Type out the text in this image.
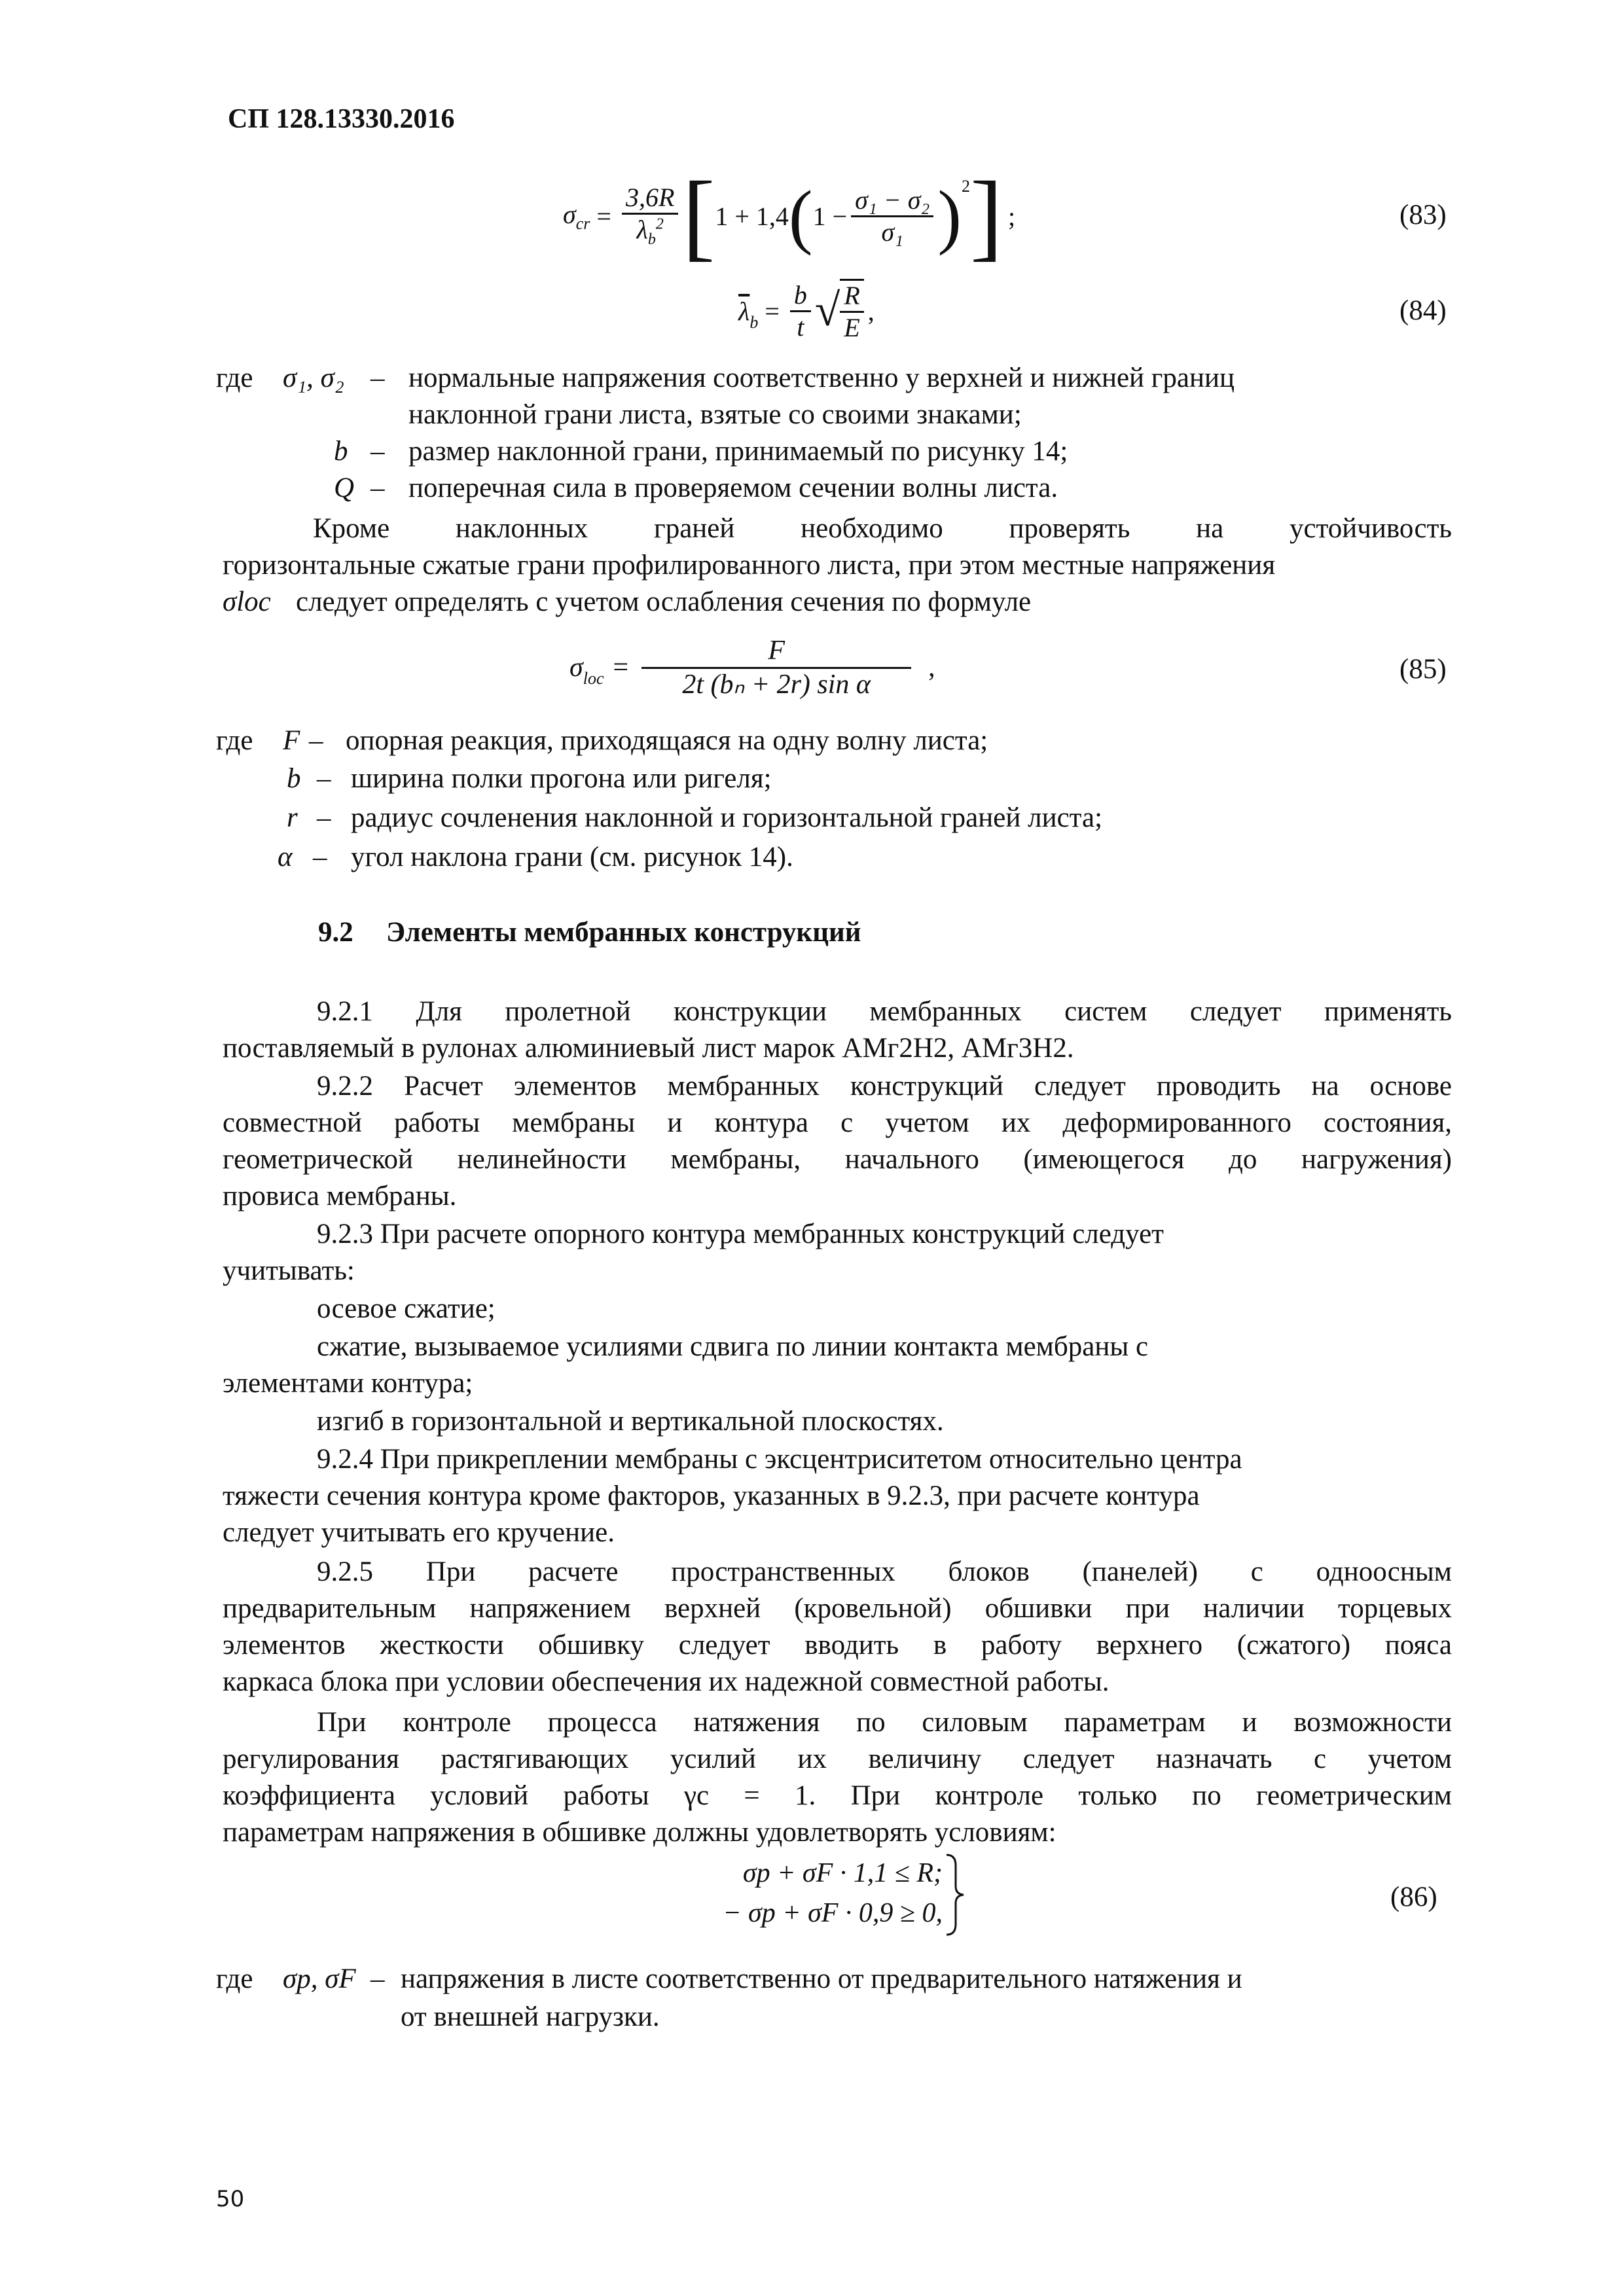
СП 128.13330.2016
$\sigma_{cr} = \frac{3,6R}{\lambda_b^2}$ [ 1 + 1,4 ( $1 - \frac{\text{σ₁ − σ₂}}{\text{σ₁}} )^2$ ] ;	(83)
$\overline{\lambda}_b = \frac{b}{t}$ √ $\frac{R}{E}$ ,	(84)
где σ₁, σ₂ – нормальные напряжения соответственно у верхней и нижней границ
наклонной грани листа, взятые со своими знаками;
b – размер наклонной грани, принимаемый по рисунку 14;
Q – поперечная сила в проверяемом сечении волны листа.
Кроме наклонных граней необходимо проверять на устойчивость
горизонтальные сжатые грани профилированного листа, при этом местные напряжения
σloc следует определять с учетом ослабления сечения по формуле
$\sigma_{loc} = \frac{F}{\text{2t (bₙ + 2r) sin α}}$ ,	(85)
где F – опорная реакция, приходящаяся на одну волну листа;
b – ширина полки прогона или ригеля;
r – радиус сочленения наклонной и горизонтальной граней листа;
α – угол наклона грани (см. рисунок 14).
9.2 Элементы мембранных конструкций
9.2.1 Для пролетной конструкции мембранных систем следует применять
поставляемый в рулонах алюминиевый лист марок АМг2Н2, АМг3Н2.
9.2.2 Расчет элементов мембранных конструкций следует проводить на основе
совместной работы мембраны и контура с учетом их деформированного состояния,
геометрической нелинейности мембраны, начального (имеющегося до нагружения)
провиса мембраны.
9.2.3 При расчете опорного контура мембранных конструкций следует
учитывать:
осевое сжатие;
сжатие, вызываемое усилиями сдвига по линии контакта мембраны с
элементами контура;
изгиб в горизонтальной и вертикальной плоскостях.
9.2.4 При прикреплении мембраны с эксцентриситетом относительно центра
тяжести сечения контура кроме факторов, указанных в 9.2.3, при расчете контура
следует учитывать его кручение.
9.2.5 При расчете пространственных блоков (панелей) с одноосным
предварительным напряжением верхней (кровельной) обшивки при наличии торцевых
элементов жесткости обшивку следует вводить в работу верхнего (сжатого) пояса
каркаса блока при условии обеспечения их надежной совместной работы.
При контроле процесса натяжения по силовым параметрам и возможности
регулирования растягивающих усилий их величину следует назначать с учетом
коэффициента условий работы γc = 1. При контроле только по геометрическим
параметрам напряжения в обшивке должны удовлетворять условиям:
σp + σF · 1,1 ≤ R;
− σp + σF · 0,9 ≥ 0,
(86)
где σp, σF – напряжения в листе соответственно от предварительного натяжения и
от внешней нагрузки.
50
